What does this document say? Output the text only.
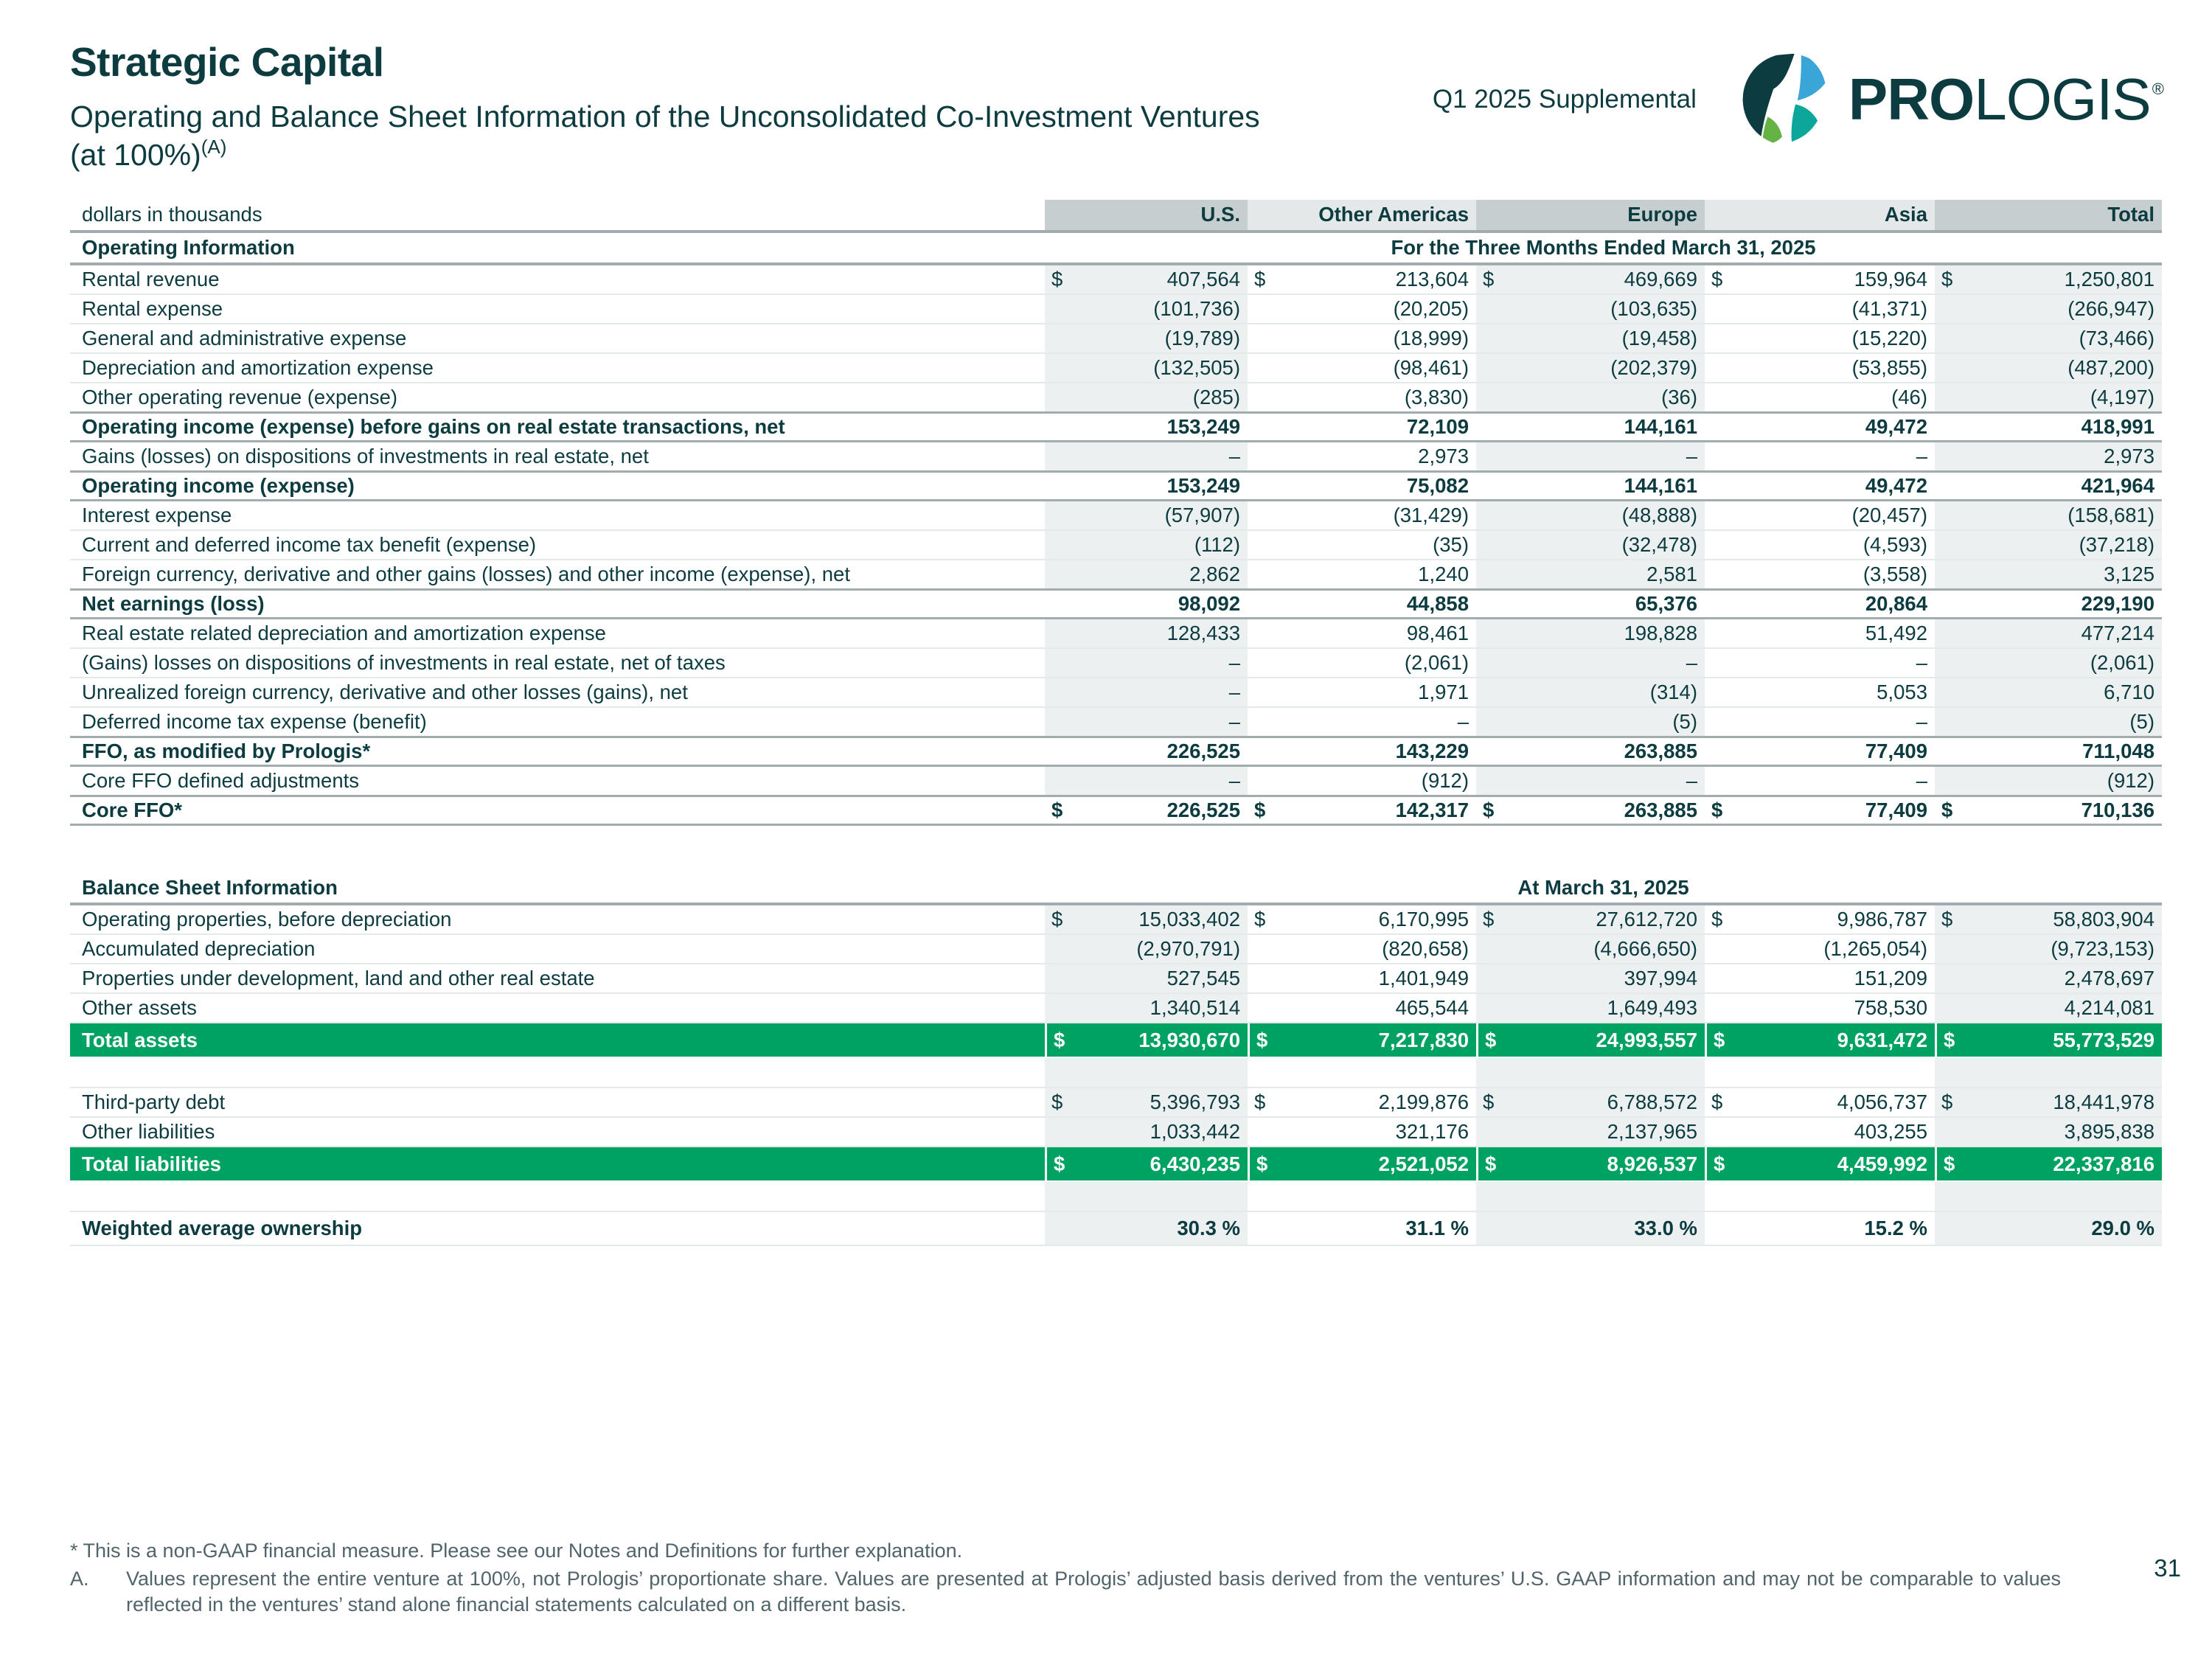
Strategic Capital
Operating and Balance Sheet Information of the Unconsolidated Co-Investment Ventures
(at 100%)$^{(A)}$
Q1 2025 Supplemental	PROLOGIS®
dollars in thousands	U.S.	Other Americas	Europe	Asia	Total
Operating Information	For the Three Months Ended March 31, 2025
Rental revenue	$	407,564 $	213,604 $	469,669 $	159,964 $	1,250,801
Rental expense	(101,736)	(20,205)	(103,635)	(41,371)	(266,947)
General and administrative expense	(19,789)	(18,999)	(19,458)	(15,220)	(73,466)
Depreciation and amortization expense	(132,505)	(98,461)	(202,379)	(53,855)	(487,200)
Other operating revenue (expense)	(285)	(3,830)	(36)	(46)	(4,197)
Operating income (expense) before gains on real estate transactions, net	153,249	72,109	144,161	49,472	418,991
Gains (losses) on dispositions of investments in real estate, net	–	2,973	–	–	2,973
Operating income (expense)	153,249	75,082	144,161	49,472	421,964
Interest expense	(57,907)	(31,429)	(48,888)	(20,457)	(158,681)
Current and deferred income tax benefit (expense)	(112)	(35)	(32,478)	(4,593)	(37,218)
Foreign currency, derivative and other gains (losses) and other income (expense), net	2,862	1,240	2,581	(3,558)	3,125
Net earnings (loss)	98,092	44,858	65,376	20,864	229,190
Real estate related depreciation and amortization expense	128,433	98,461	198,828	51,492	477,214
(Gains) losses on dispositions of investments in real estate, net of taxes	–	(2,061)	–	–	(2,061)
Unrealized foreign currency, derivative and other losses (gains), net	–	1,971	(314)	5,053	6,710
Deferred income tax expense (benefit)	–	–	(5)	–	(5)
FFO, as modified by Prologis*	226,525	143,229	263,885	77,409	711,048
Core FFO defined adjustments	–	(912)	–	–	(912)
Core FFO*	$	226,525 $	142,317 $	263,885 $	77,409 $	710,136
Balance Sheet Information	At March 31, 2025
Operating properties, before depreciation	$	15,033,402 $	6,170,995 $	27,612,720 $	9,986,787 $	58,803,904
Accumulated depreciation	(2,970,791)	(820,658)	(4,666,650)	(1,265,054)	(9,723,153)
Properties under development, land and other real estate	527,545	1,401,949	397,994	151,209	2,478,697
Other assets	1,340,514	465,544	1,649,493	758,530	4,214,081
Total assets	$	13,930,670 $	7,217,830 $	24,993,557 $	9,631,472 $	55,773,529
Third-party debt	$	5,396,793 $	2,199,876 $	6,788,572 $	4,056,737 $	18,441,978
Other liabilities	1,033,442	321,176	2,137,965	403,255	3,895,838
Total liabilities	$	6,430,235 $	2,521,052 $	8,926,537 $	4,459,992 $	22,337,816
Weighted average ownership	30.3 %	31.1 %	33.0 %	15.2 %	29.0 %
* This is a non-GAAP financial measure. Please see our Notes and Definitions for further explanation.
A.	Values represent the entire venture at 100%, not Prologis’ proportionate share. Values are presented at Prologis’ adjusted basis derived from the ventures’ U.S. GAAP information and may not be comparable to values reflected in the ventures’ stand alone financial statements calculated on a different basis.
31
